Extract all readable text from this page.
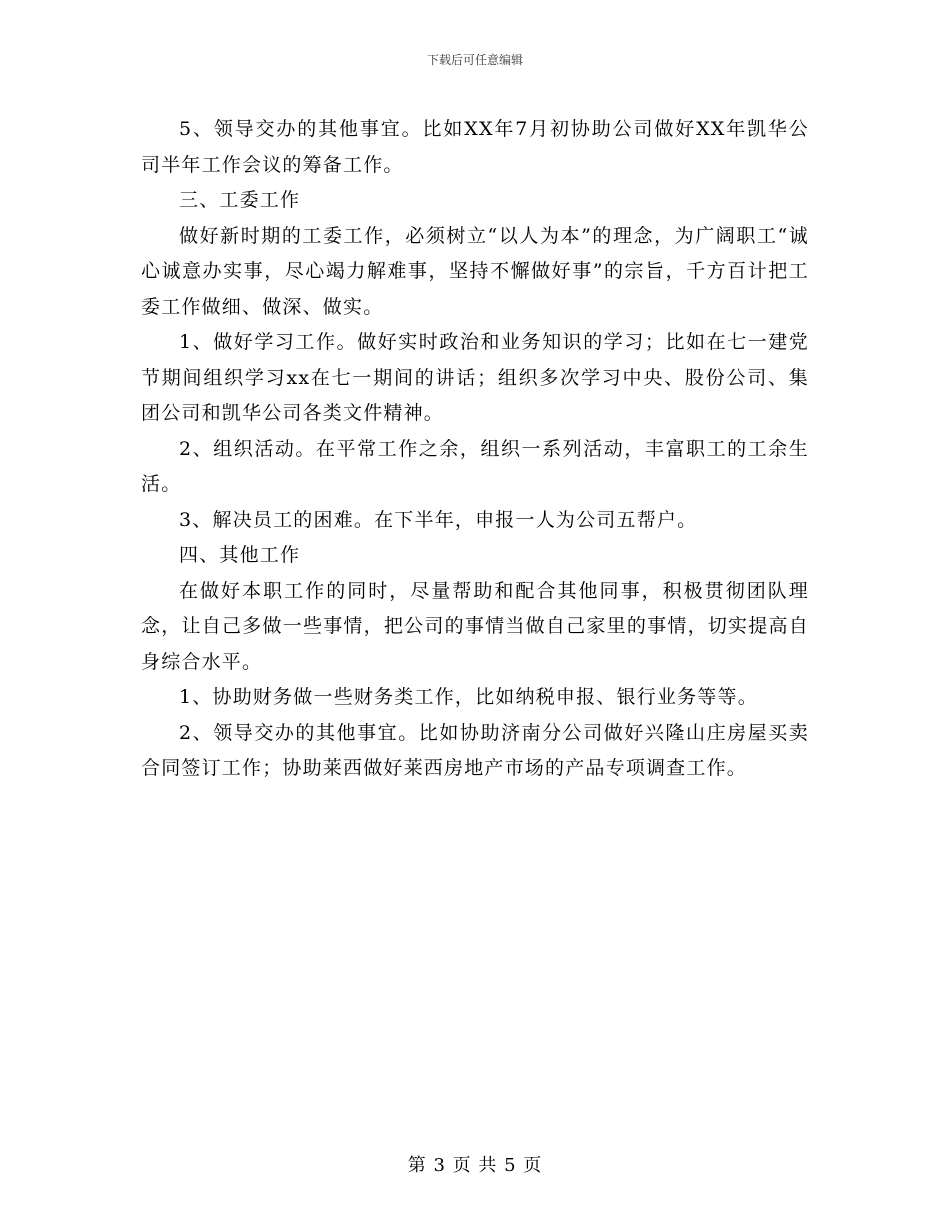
下载后可任意编辑

5、领导交办的其他事宜。比如XX年7月初协助公司做好XX年凯华公司半年工作会议的筹备工作。

三、工委工作

做好新时期的工委工作，必须树立“以人为本”的理念，为广阔职工“诚心诚意办实事，尽心竭力解难事，坚持不懈做好事”的宗旨，千方百计把工委工作做细、做深、做实。

1、做好学习工作。做好实时政治和业务知识的学习；比如在七一建党节期间组织学习xx在七一期间的讲话；组织多次学习中央、股份公司、集团公司和凯华公司各类文件精神。

2、组织活动。在平常工作之余，组织一系列活动，丰富职工的工余生活。

3、解决员工的困难。在下半年，申报一人为公司五帮户。

四、其他工作

在做好本职工作的同时，尽量帮助和配合其他同事，积极贯彻团队理念，让自己多做一些事情，把公司的事情当做自己家里的事情，切实提高自身综合水平。

1、协助财务做一些财务类工作，比如纳税申报、银行业务等等。

2、领导交办的其他事宜。比如协助济南分公司做好兴隆山庄房屋买卖合同签订工作；协助莱西做好莱西房地产市场的产品专项调查工作。

第 3 页 共 5 页
